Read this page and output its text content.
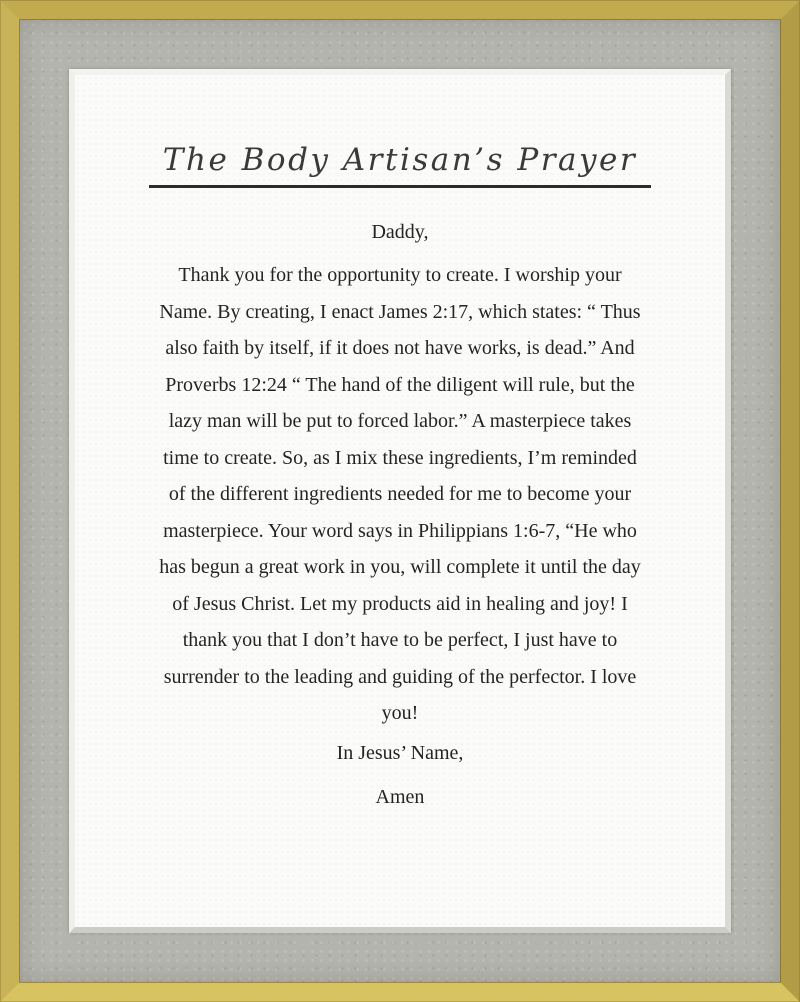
The Body Artisan’s Prayer
Daddy,
Thank you for the opportunity to create. I worship your
Name. By creating, I enact James 2:17, which states: “ Thus
also faith by itself, if it does not have works, is dead.” And
Proverbs 12:24 “ The hand of the diligent will rule, but the
lazy man will be put to forced labor.” A masterpiece takes
time to create. So, as I mix these ingredients, I’m reminded
of the different ingredients needed for me to become your
masterpiece. Your word says in Philippians 1:6-7, “He who
has begun a great work in you, will complete it until the day
of Jesus Christ. Let my products aid in healing and joy! I
thank you that I don’t have to be perfect, I just have to
surrender to the leading and guiding of the perfector. I love
you!
In Jesus’ Name,
Amen
